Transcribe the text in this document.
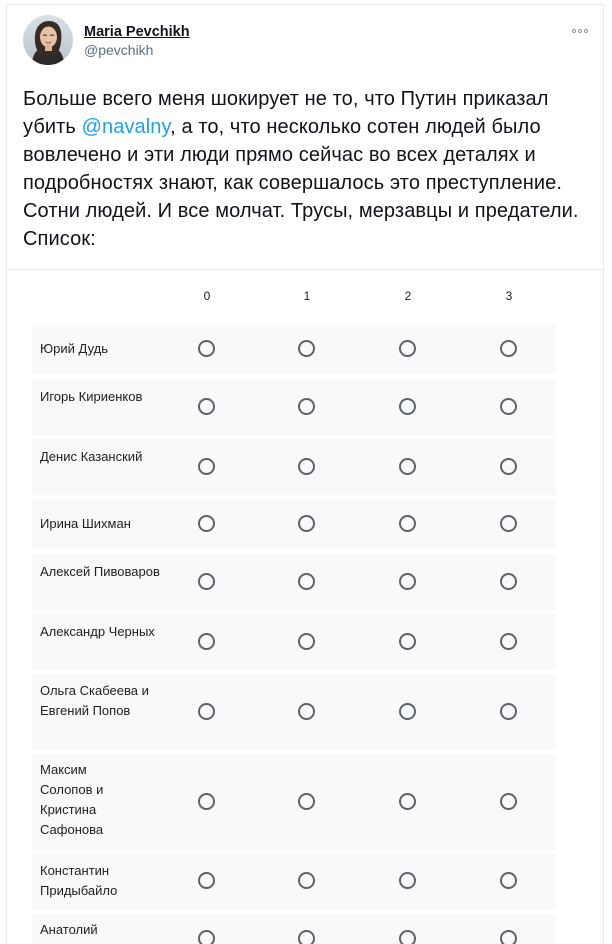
Maria Pevchikh
@pevchikh
Больше всего меня шокирует не то, что Путин приказал убить @navalny, а то, что несколько сотен людей было вовлечено и эти люди прямо сейчас во всех деталях и подробностях знают, как совершалось это преступление. Сотни людей. И все молчат. Трусы, мерзавцы и предатели. Список:
0	1	2	3
Юрий Дудь
Игорь Кириенков
Денис Казанский
Ирина Шихман
Алексей Пивоваров
Александр Черных
Ольга Скабеева и Евгений Попов
Максим Солопов и Кристина Сафонова
Константин Придыбайло
Анатолий
